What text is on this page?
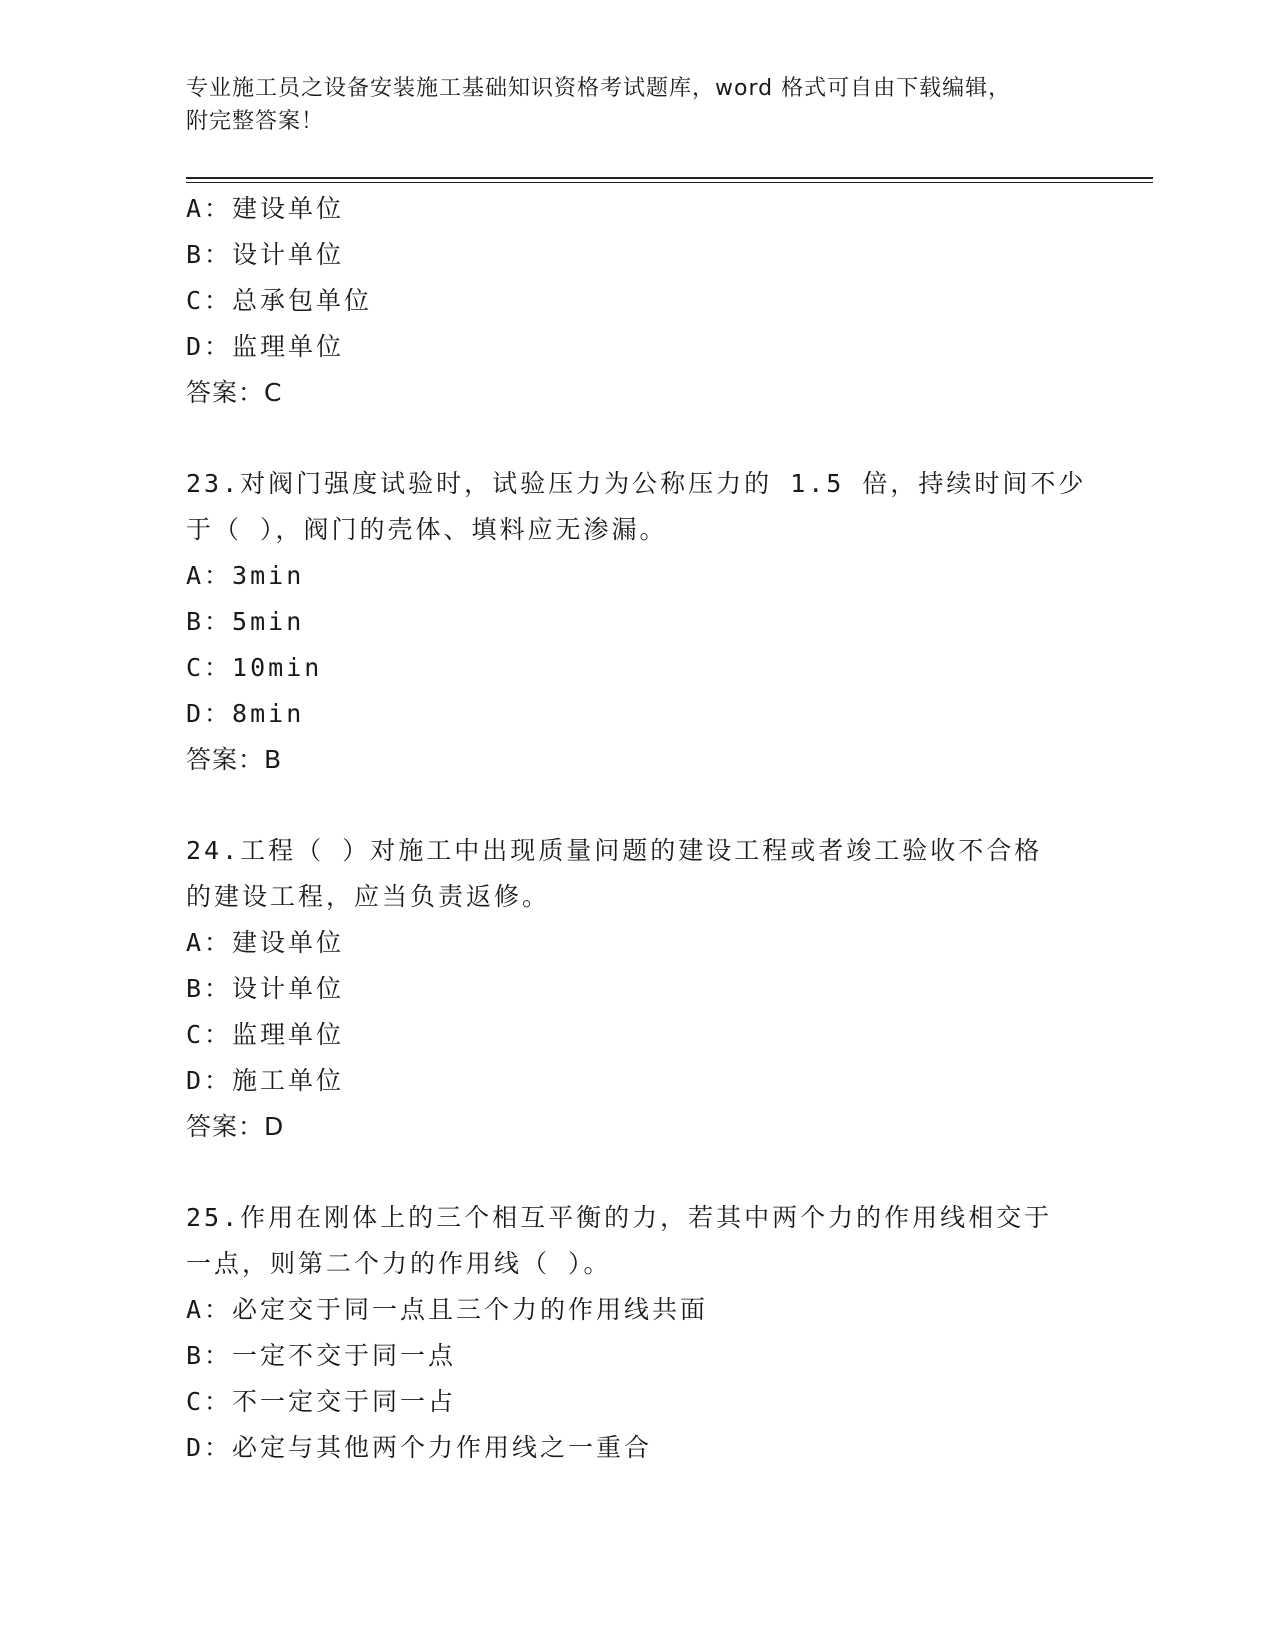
专业施工员之设备安装施工基础知识资格考试题库，word 格式可自由下载编辑，
附完整答案！
A：建设单位
B：设计单位
C：总承包单位
D：监理单位
答案：C
23.对阀门强度试验时，试验压力为公称压力的 1.5 倍，持续时间不少
于（ ），阀门的壳体、填料应无渗漏。
A：3min
B：5min
C：10min
D：8min
答案：B
24.工程（ ）对施工中出现质量问题的建设工程或者竣工验收不合格
的建设工程，应当负责返修。
A：建设单位
B：设计单位
C：监理单位
D：施工单位
答案：D
25.作用在刚体上的三个相互平衡的力，若其中两个力的作用线相交于
一点，则第二个力的作用线（ ）。
A：必定交于同一点且三个力的作用线共面
B：一定不交于同一点
C：不一定交于同一占
D：必定与其他两个力作用线之一重合
